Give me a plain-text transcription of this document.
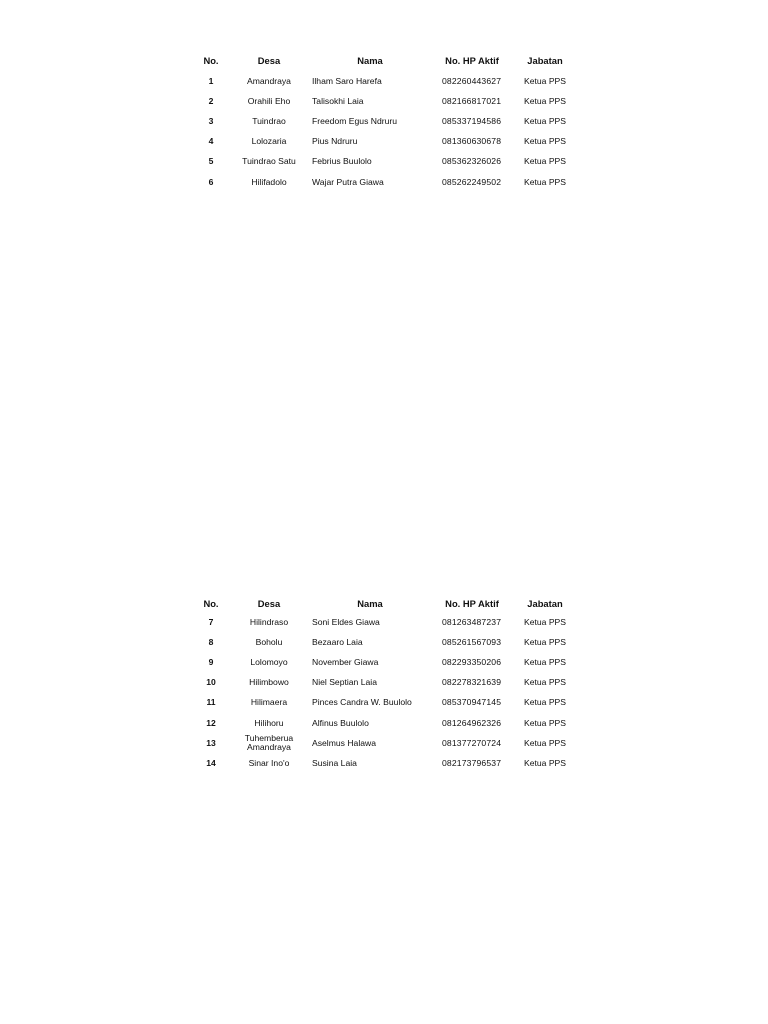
No.	Desa	Nama	No. HP Aktif	Jabatan
1	Amandraya	Ilham Saro Harefa	082260443627	Ketua PPS
2	Orahili Eho	Talisokhi Laia	082166817021	Ketua PPS
3	Tuindrao	Freedom Egus Ndruru	085337194586	Ketua PPS
4	Lolozaria	Pius Ndruru	081360630678	Ketua PPS
5	Tuindrao Satu	Febrius Buulolo	085362326026	Ketua PPS
6	Hilifadolo	Wajar Putra Giawa	085262249502	Ketua PPS
No.	Desa	Nama	No. HP Aktif	Jabatan
7	Hilindraso	Soni Eldes Giawa	081263487237	Ketua PPS
8	Boholu	Bezaaro Laia	085261567093	Ketua PPS
9	Lolomoyo	November Giawa	082293350206	Ketua PPS
10	Hilimbowo	Niel Septian Laia	082278321639	Ketua PPS
11	Hilimaera	Pinces Candra W. Buulolo	085370947145	Ketua PPS
12	Hilihoru	Alfinus Buulolo	081264962326	Ketua PPS
13	Tuhemberua Amandraya	Aselmus Halawa	081377270724	Ketua PPS
14	Sinar Ino'o	Susina Laia	082173796537	Ketua PPS
